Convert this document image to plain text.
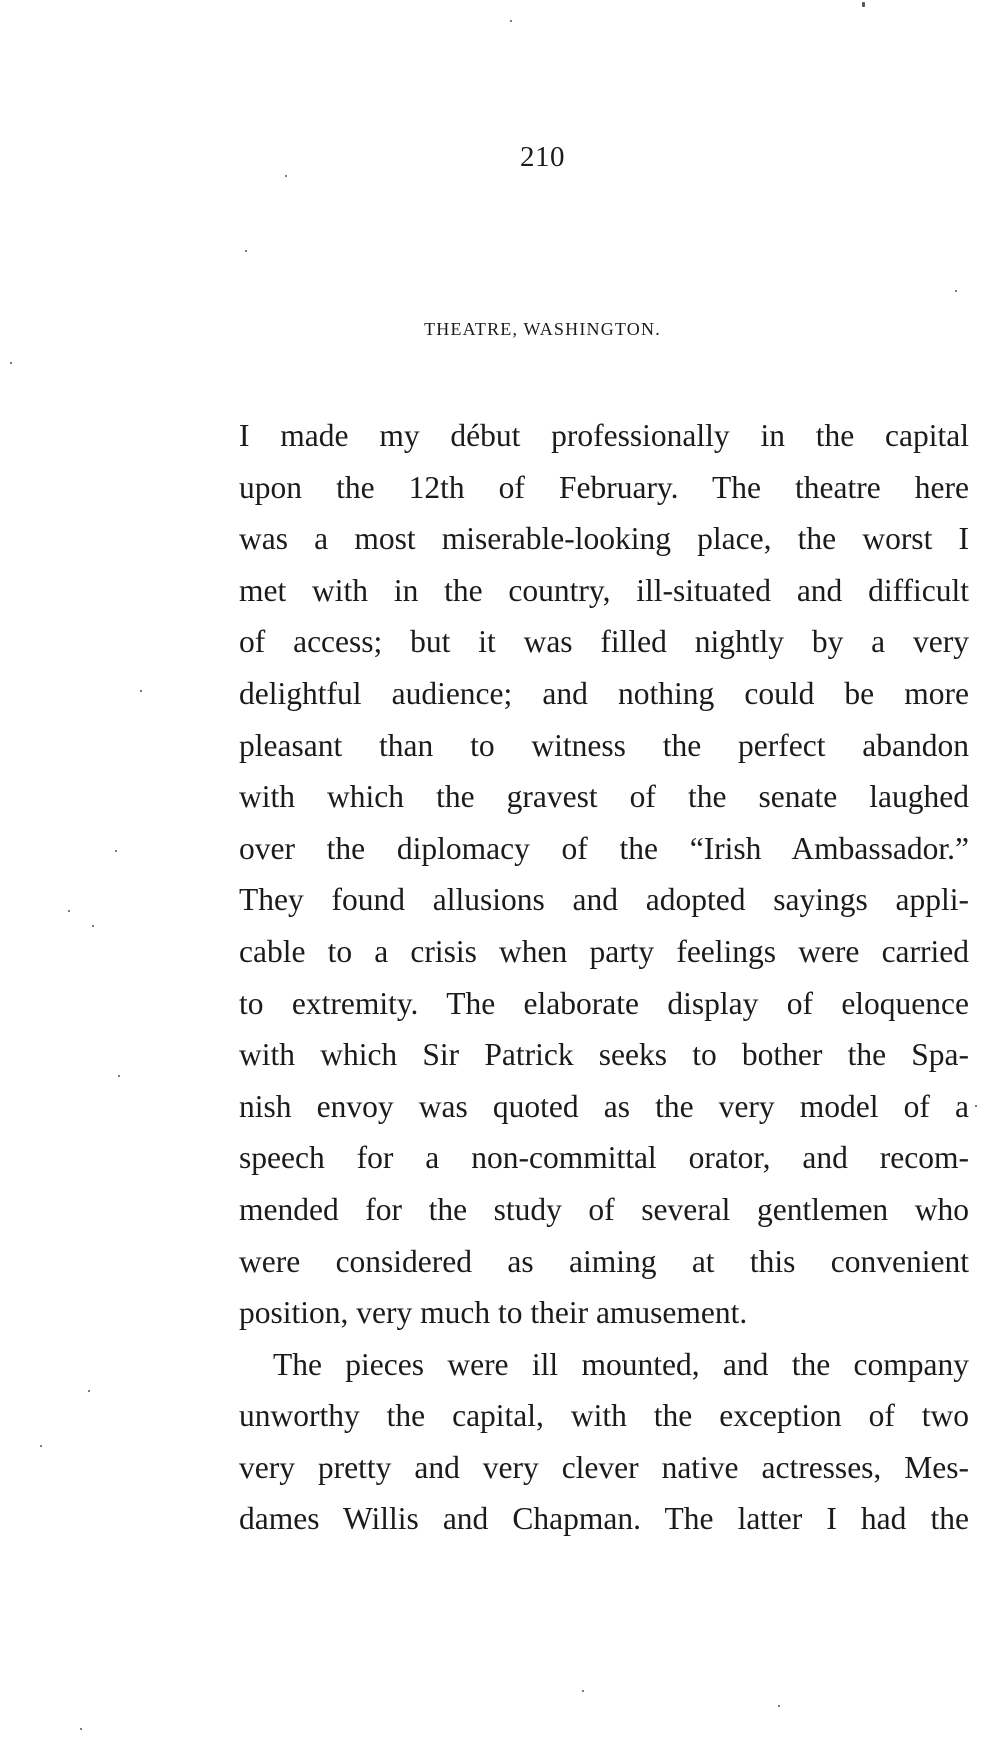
210
THEATRE, WASHINGTON.
I made my début professionally in the capital
upon the 12th of February. The theatre here
was a most miserable-looking place, the worst I
met with in the country, ill-situated and difficult
of access; but it was filled nightly by a very
delightful audience; and nothing could be more
pleasant than to witness the perfect abandon
with which the gravest of the senate laughed
over the diplomacy of the “Irish Ambassador.”
They found allusions and adopted sayings appli-
cable to a crisis when party feelings were carried
to extremity. The elaborate display of eloquence
with which Sir Patrick seeks to bother the Spa-
nish envoy was quoted as the very model of a
speech for a non-committal orator, and recom-
mended for the study of several gentlemen who
were considered as aiming at this convenient
position, very much to their amusement.
The pieces were ill mounted, and the company
unworthy the capital, with the exception of two
very pretty and very clever native actresses, Mes-
dames Willis and Chapman. The latter I had the
